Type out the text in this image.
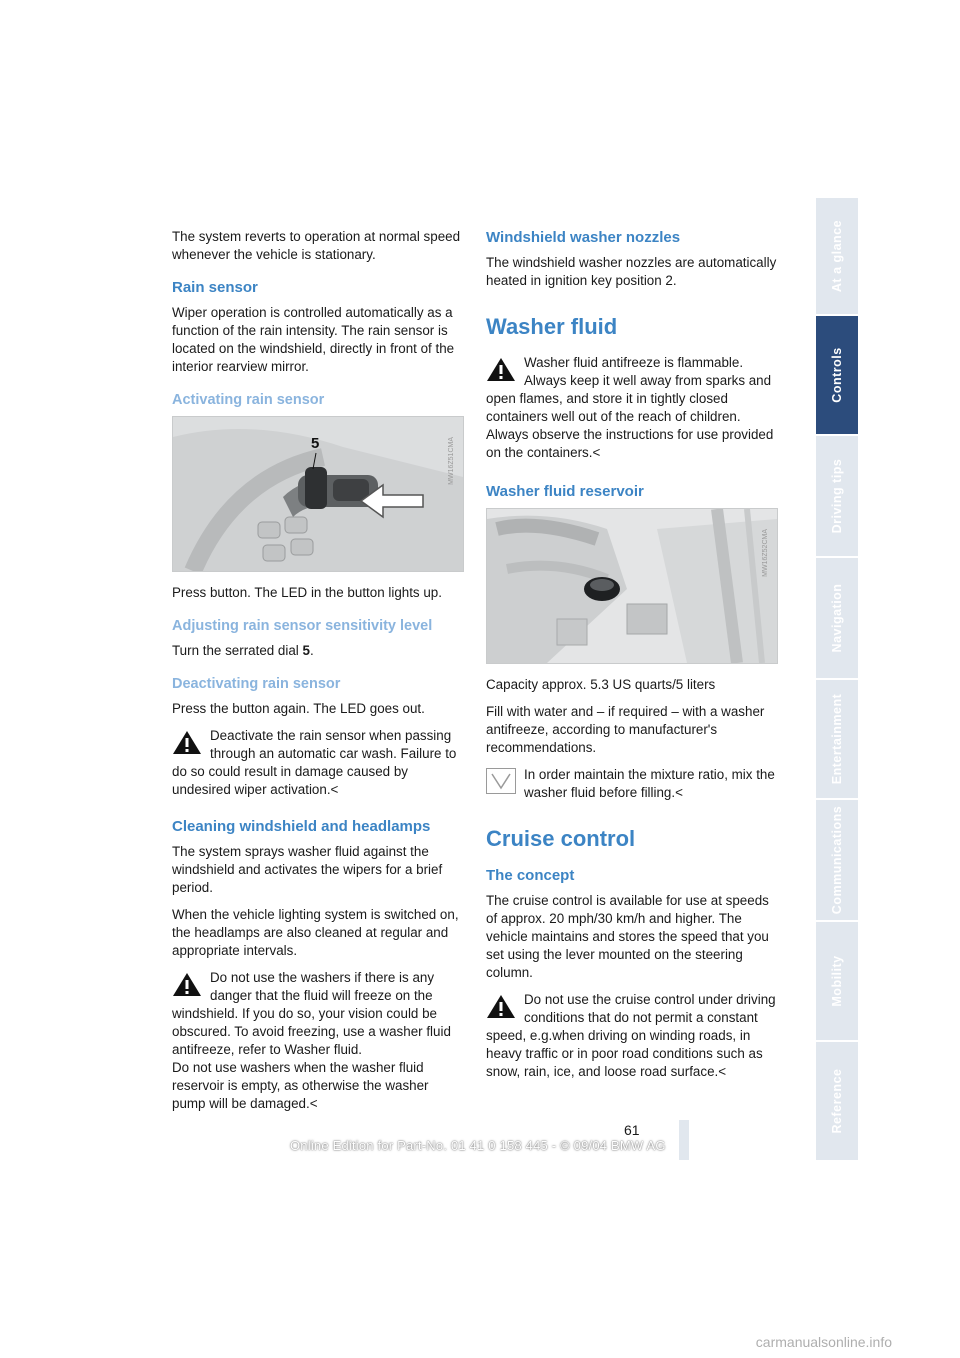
The system reverts to operation at normal speed whenever the vehicle is stationary.

Rain sensor

Wiper operation is controlled automatically as a function of the rain intensity. The rain sensor is located on the windshield, directly in front of the interior rearview mirror.

Activating rain sensor
5	MW16Z51CMA

Press button. The LED in the button lights up.

Adjusting rain sensor sensitivity level

Turn the serrated dial 5.

Deactivating rain sensor

Press the button again. The LED goes out.

Deactivate the rain sensor when passing through an automatic car wash. Failure to do so could result in damage caused by undesired wiper activation.<

Cleaning windshield and headlamps

The system sprays washer fluid against the windshield and activates the wipers for a brief period.

When the vehicle lighting system is switched on, the headlamps are also cleaned at regular and appropriate intervals.

Do not use the washers if there is any danger that the fluid will freeze on the windshield. If you do so, your vision could be obscured. To avoid freezing, use a washer fluid antifreeze, refer to Washer fluid.

Do not use washers when the washer fluid reservoir is empty, as otherwise the washer pump will be damaged.<

Windshield washer nozzles

The windshield washer nozzles are automatically heated in ignition key position 2.

Washer fluid

Washer fluid antifreeze is flammable. Always keep it well away from sparks and open flames, and store it in tightly closed containers well out of the reach of children. Always observe the instructions for use provided on the containers.<

Washer fluid reservoir
MW16Z52CMA

Capacity approx. 5.3 US quarts/5 liters

Fill with water and – if required – with a washer antifreeze, according to manufacturer's recommendations.

In order maintain the mixture ratio, mix the washer fluid before filling.<

Cruise control
The concept

The cruise control is available for use at speeds of approx. 20 mph/30 km/h and higher. The vehicle maintains and stores the speed that you set using the lever mounted on the steering column.

Do not use the cruise control under driving conditions that do not permit a constant speed, e.g.when driving on winding roads, in heavy traffic or in poor road conditions such as snow, rain, ice, and loose road surface.<

At a glance
Controls
Driving tips
Navigation
Entertainment
Communications
Mobility
Reference
61
Online Edition for Part-No. 01 41 0 158 445 - © 09/04 BMW AG
carmanualsonline.info
